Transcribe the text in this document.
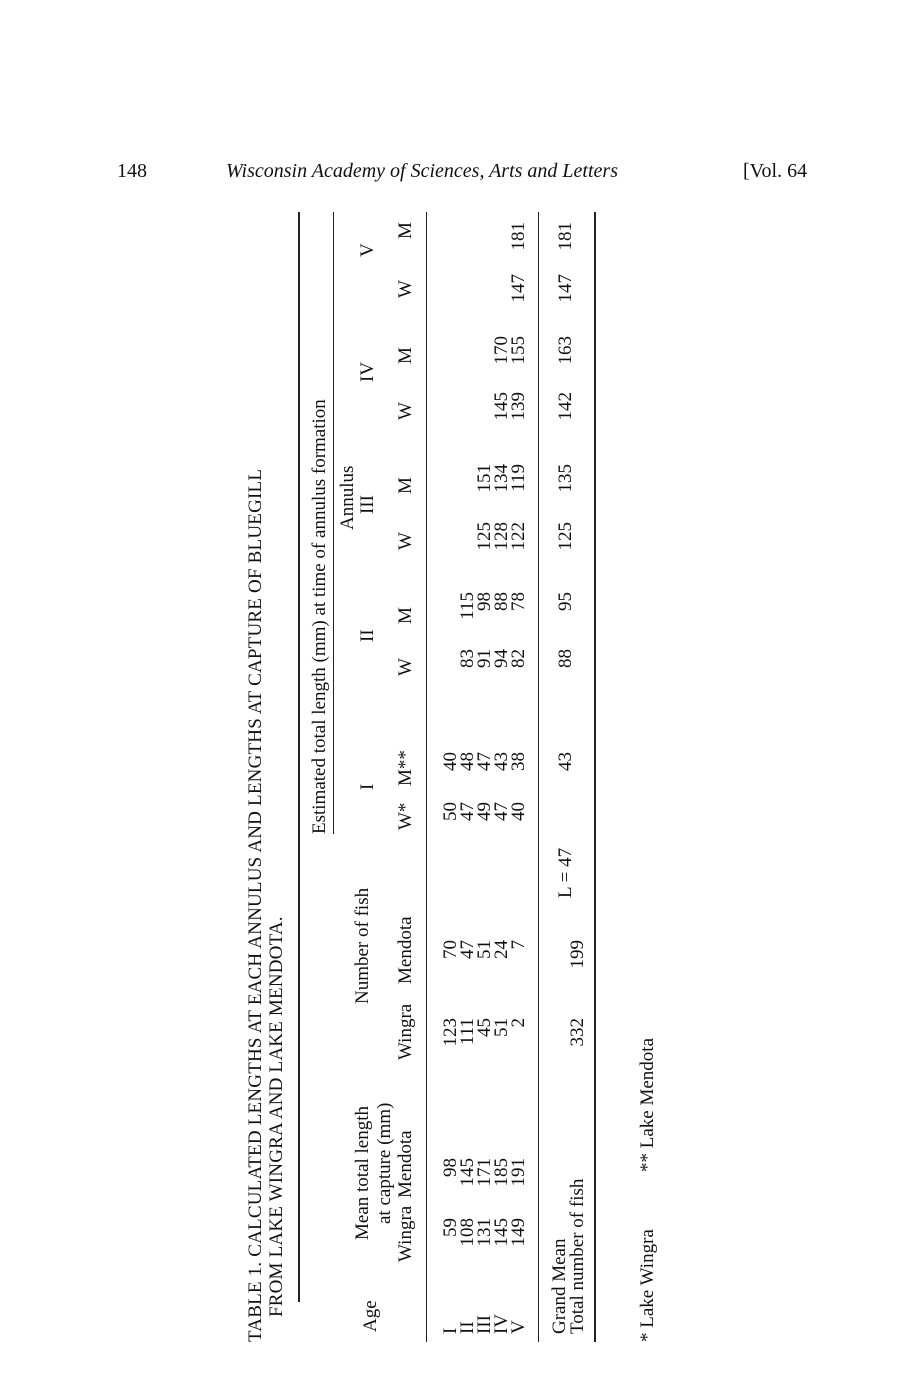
148	Wisconsin Academy of Sciences, Arts and Letters	[Vol. 64
TABLE 1. CALCULATED LENGTHS AT EACH ANNULUS AND LENGTHS AT CAPTURE OF BLUEGILL FROM LAKE WINGRA AND LAKE MENDOTA.
Estimated total length (mm) at time of annulus formation Annulus
Age
Mean total length at capture (mm)
Wingra
Mendota
Number of fish
Wingra
Mendota
I
II
III
IV
V
W*
M**
W
M
W
M
W
M
W
M
I
II
III
IV
V
59
108
131
145
149
98
145
171
185
191
123
111
45
51
2
70
47
51
24
7
50
47
49
47
40
40
48
47
43
38
83
91
94
82
115
98
88
78
125
128
122
151
134
119
145
139
170
155
147
181
Grand Mean
Total number of fish
332
199
L = 47
43
88
95
125
135
142
163
147
181
* Lake Wingra
** Lake Mendota
